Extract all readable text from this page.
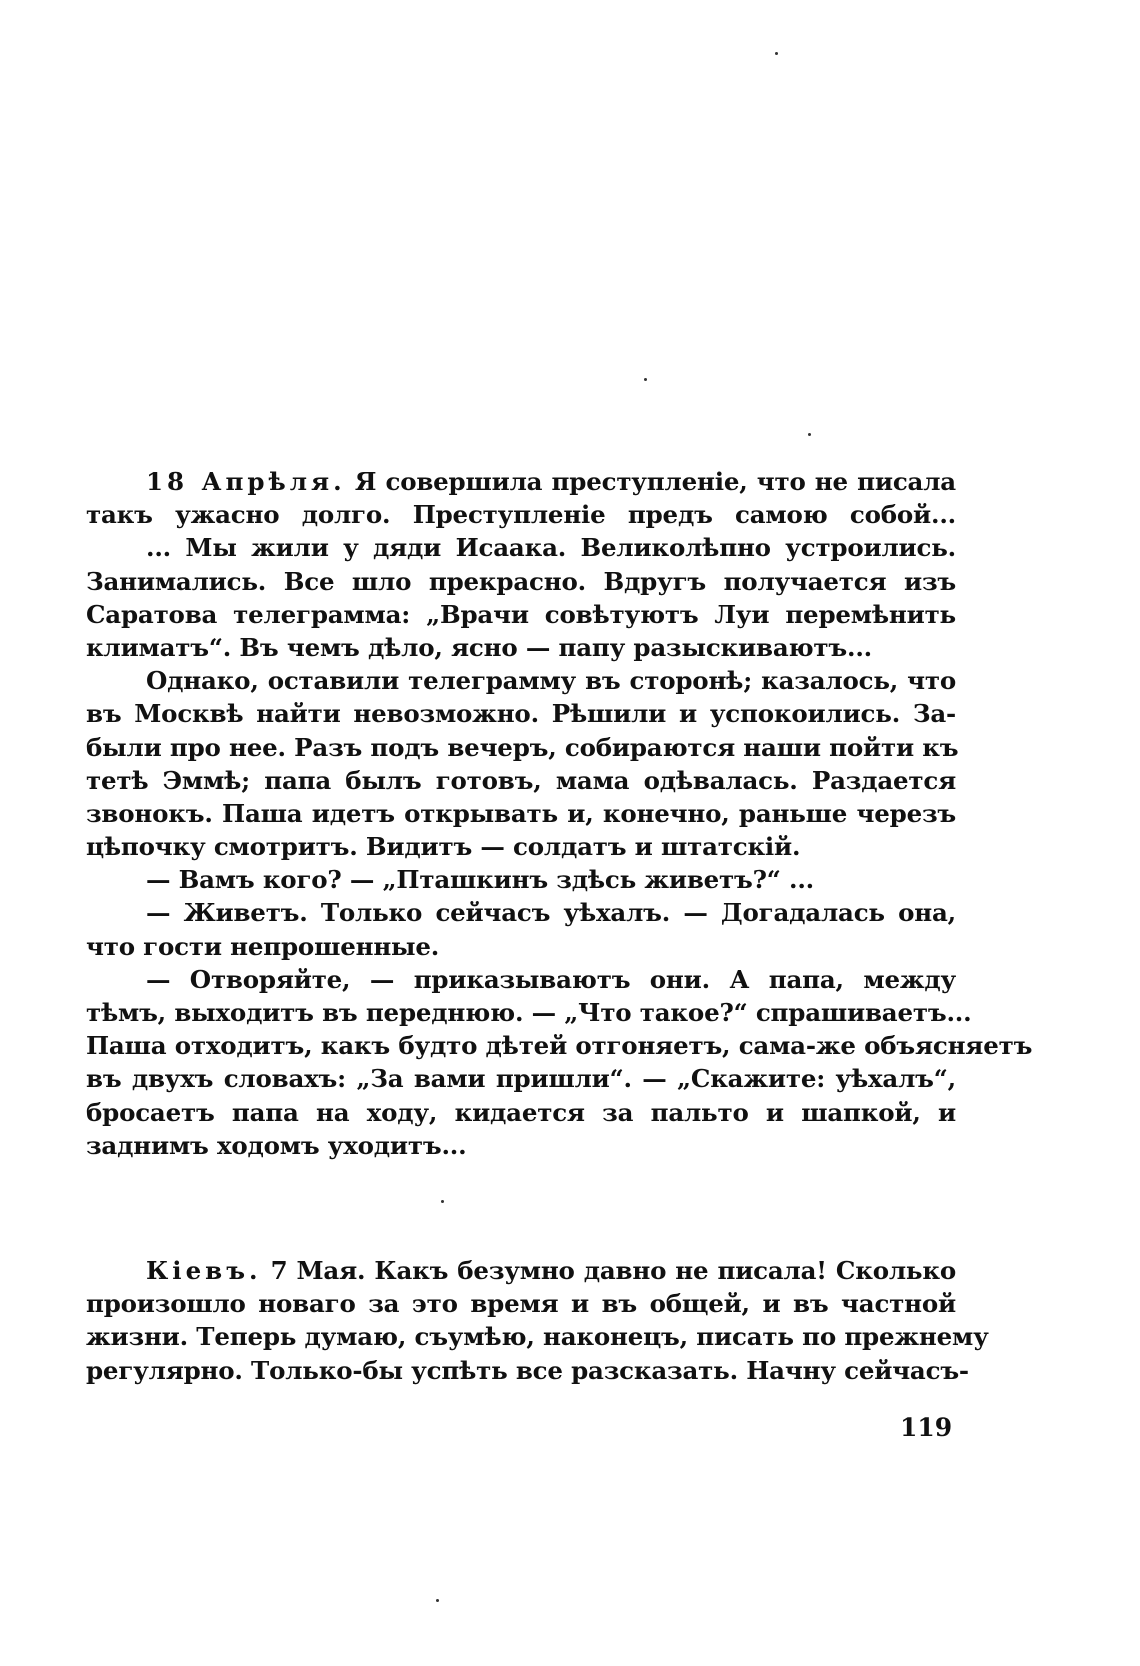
18 Апрѣля. Я совершила преступленіе, что не писала
такъ ужасно долго. Преступленіе предъ самою собой...
... Мы жили у дяди Исаака. Великолѣпно устроились.
Занимались. Все шло прекрасно. Вдругъ получается изъ
Саратова телеграмма: „Врачи совѣтуютъ Луи перемѣнить
климатъ“. Въ чемъ дѣло, ясно — папу разыскиваютъ...
Однако, оставили телеграмму въ сторонѣ; казалось, что
въ Москвѣ найти невозможно. Рѣшили и успокоились. За-
были про нее. Разъ подъ вечеръ, собираются наши пойти къ
тетѣ Эммѣ; папа былъ готовъ, мама одѣвалась. Раздается
звонокъ. Паша идетъ открывать и, конечно, раньше черезъ
цѣпочку смотритъ. Видитъ — солдатъ и штатскій.
— Вамъ кого? — „Пташкинъ здѣсь живетъ?“ ...
— Живетъ. Только сейчасъ уѣхалъ. — Догадалась она,
что гости непрошенные.
— Отворяйте, — приказываютъ они. А папа, между
тѣмъ, выходитъ въ переднюю. — „Что такое?“ спрашиваетъ...
Паша отходитъ, какъ будто дѣтей отгоняетъ, сама-же объясняетъ
въ двухъ словахъ: „За вами пришли“. — „Скажите: уѣхалъ“,
бросаетъ папа на ходу, кидается за пальто и шапкой, и
заднимъ ходомъ уходитъ...
Кіевъ. 7 Мая. Какъ безумно давно не писала! Сколько
произошло новаго за это время и въ общей, и въ частной
жизни. Теперь думаю, съумѣю, наконецъ, писать по прежнему
регулярно. Только-бы успѣть все разсказать. Начну сейчасъ-
119
